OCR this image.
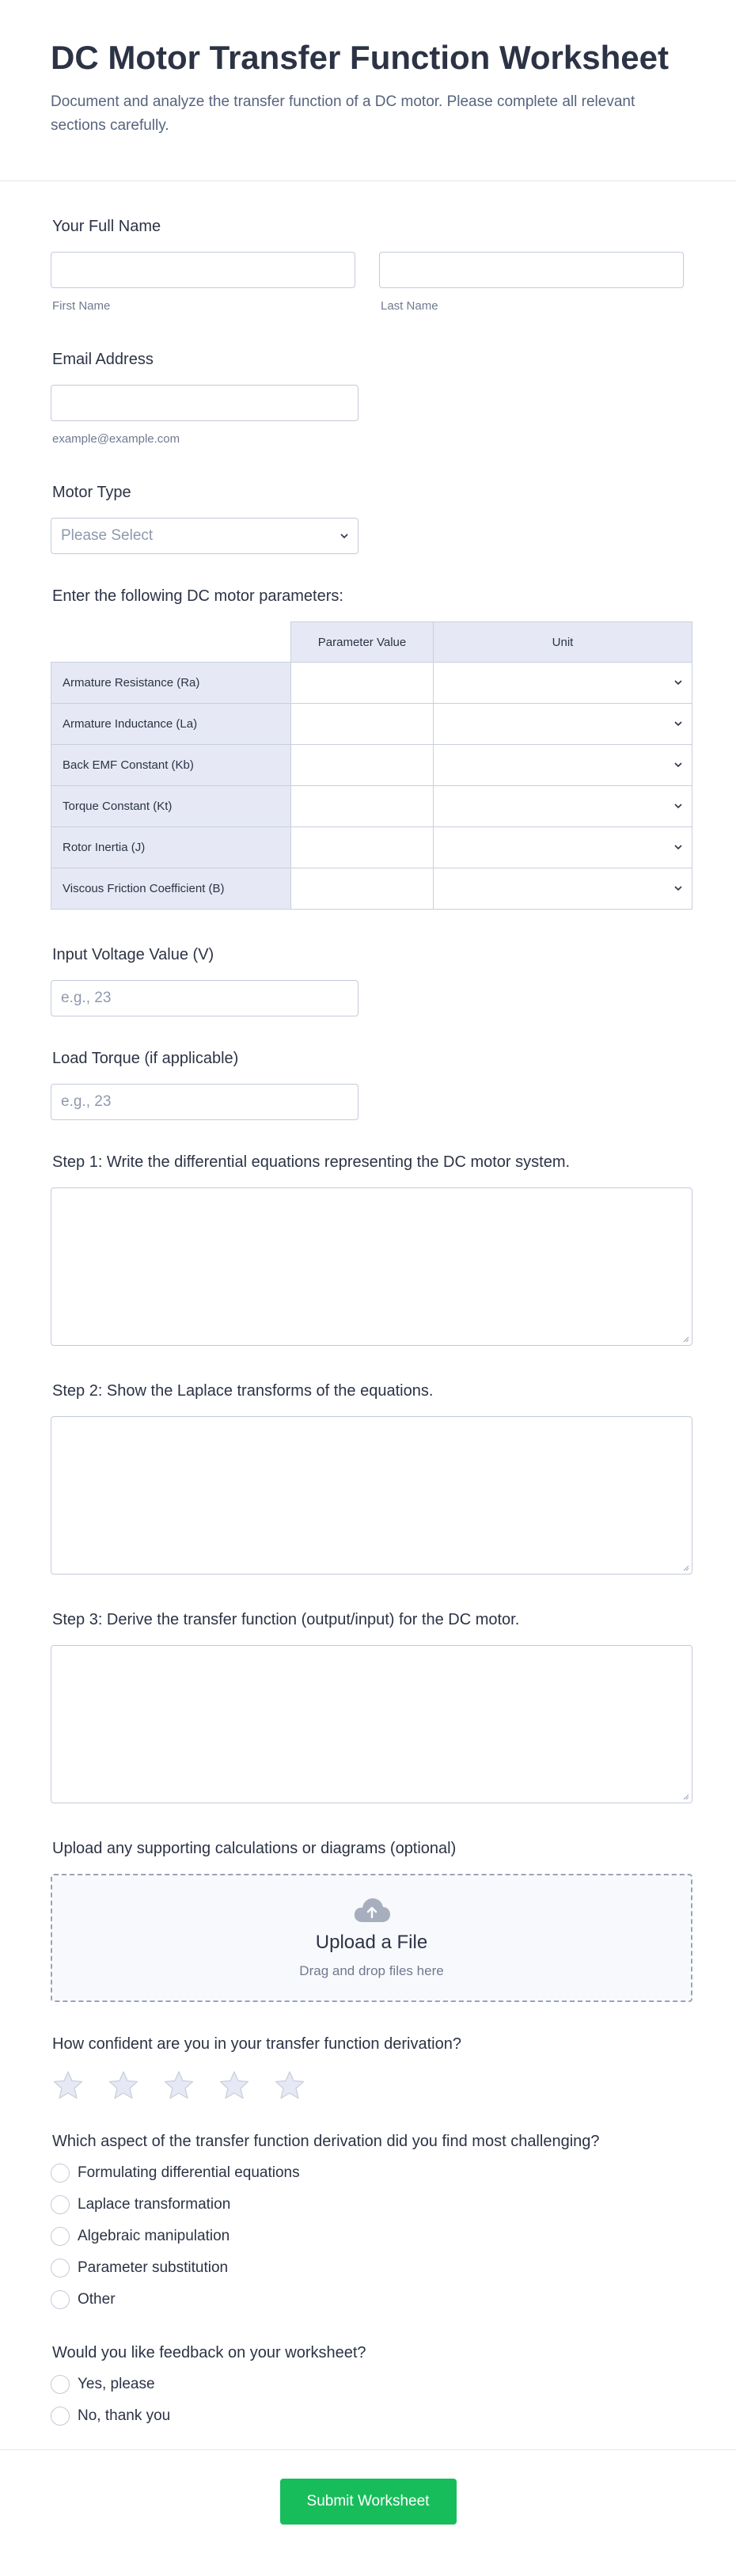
DC Motor Transfer Function Worksheet

Document and analyze the transfer function of a DC motor. Please complete all relevant sections carefully.

Your Full Name
First Name	Last Name
Email Address
example@example.com
Motor Type
Please Select
Enter the following DC motor parameters:
	Parameter Value	Unit
Armature Resistance (Ra)		
Armature Inductance (La)		
Back EMF Constant (Kb)		
Torque Constant (Kt)		
Rotor Inertia (J)		
Viscous Friction Coefficient (B)		
Input Voltage Value (V)
e.g., 23
Load Torque (if applicable)
e.g., 23
Step 1: Write the differential equations representing the DC motor system.
Step 2: Show the Laplace transforms of the equations.
Step 3: Derive the transfer function (output/input) for the DC motor.
Upload any supporting calculations or diagrams (optional)
Upload a File
Drag and drop files here
How confident are you in your transfer function derivation?
Which aspect of the transfer function derivation did you find most challenging?
Formulating differential equations
Laplace transformation
Algebraic manipulation
Parameter substitution
Other
Would you like feedback on your worksheet?
Yes, please
No, thank you
Submit Worksheet
